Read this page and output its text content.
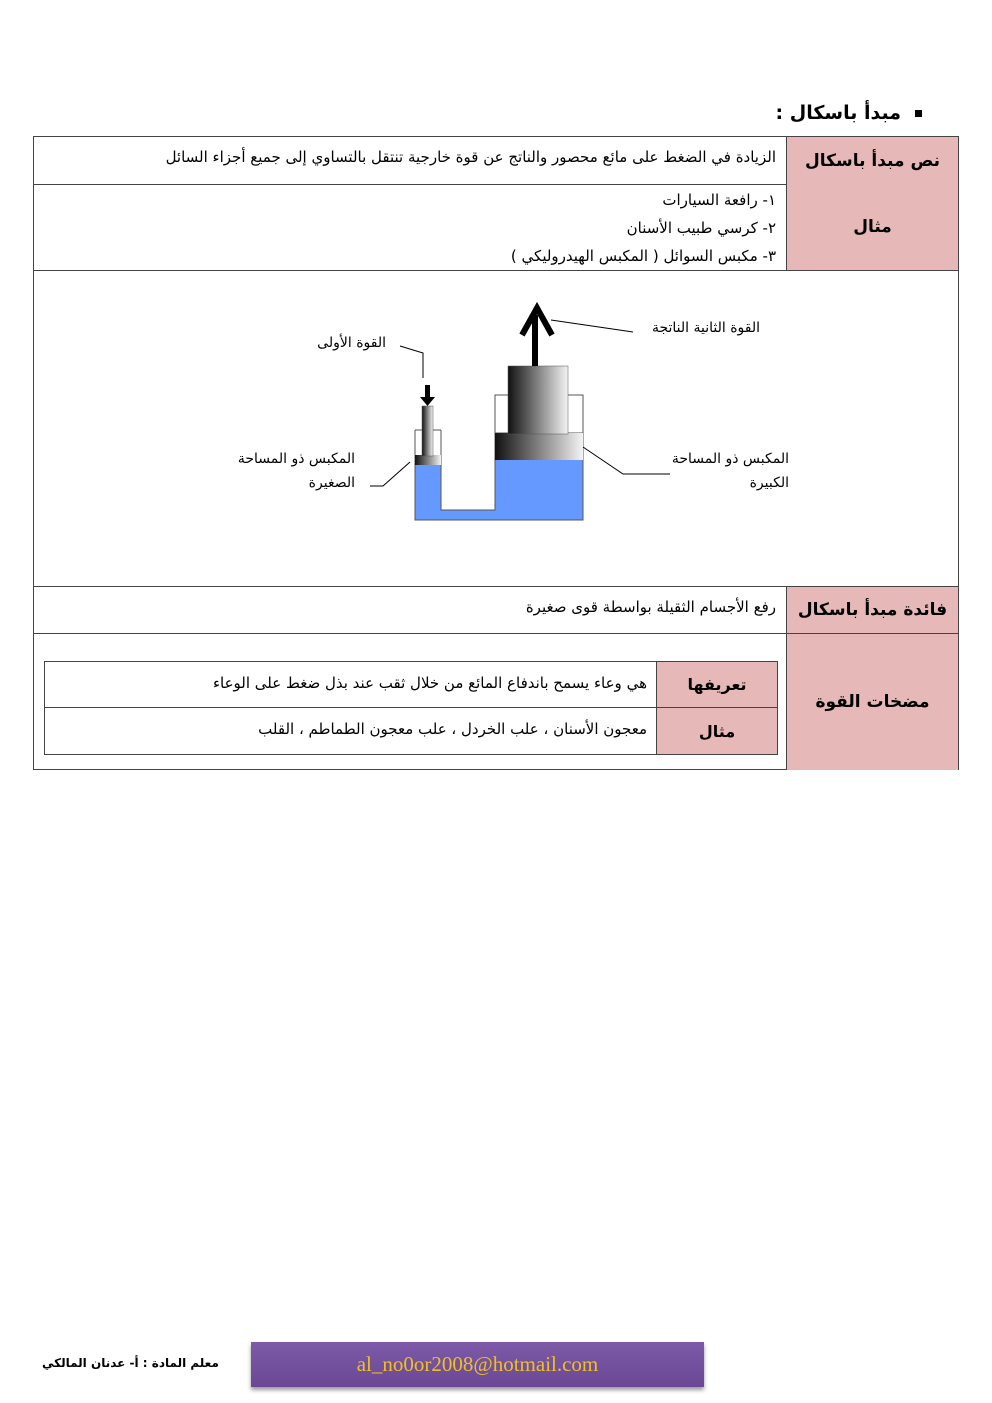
مبدأ باسكال :
نص مبدأ باسكال
الزيادة في الضغط على مائع محصور والناتج عن قوة خارجية تنتقل بالتساوي إلى جميع أجزاء السائل
مثال
١- رافعة السيارات
٢- كرسي طبيب الأسنان
٣- مكبس السوائل ( المكبس الهيدروليكي )
القوة الأولى
القوة الثانية الناتجة
المكبس ذو المساحة
الصغيرة
المكبس ذو المساحة
الكبيرة
فائدة مبدأ باسكال
رفع الأجسام الثقيلة بواسطة قوى صغيرة
مضخات القوة
تعريفها
هي وعاء يسمح باندفاع المائع من خلال ثقب عند بذل ضغط على الوعاء
مثال
معجون الأسنان ، علب الخردل ، علب معجون الطماطم ، القلب
معلم المادة : أ- عدنان المالكي	al_no0or2008@hotmail.com
